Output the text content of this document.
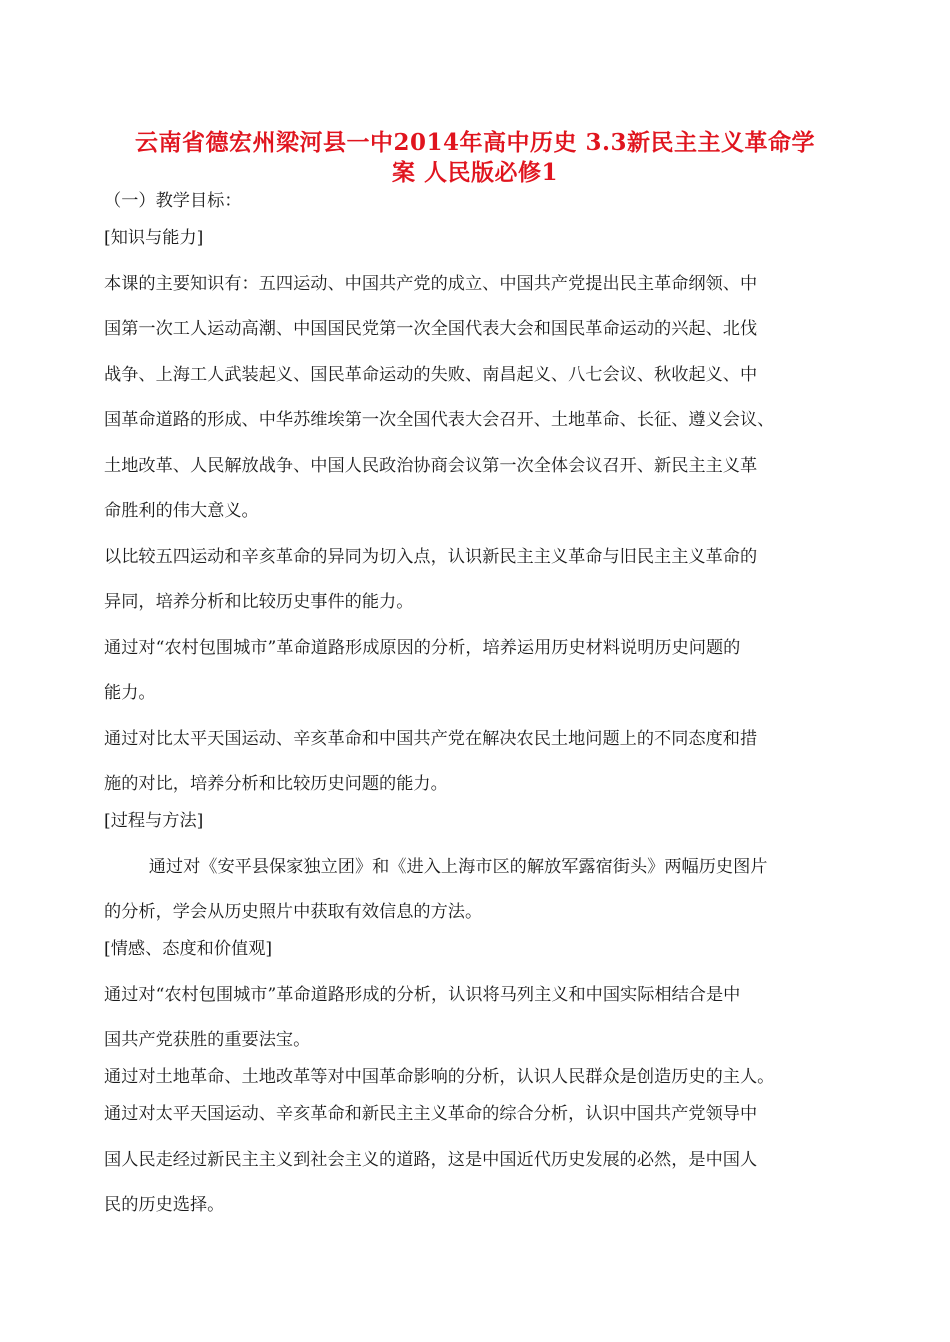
云南省德宏州梁河县一中2014年高中历史 3.3新民主主义革命学
案 人民版必修1
（一）教学目标：
[知识与能力]
本课的主要知识有：五四运动、中国共产党的成立、中国共产党提出民主革命纲领、中
国第一次工人运动高潮、中国国民党第一次全国代表大会和国民革命运动的兴起、北伐
战争、上海工人武装起义、国民革命运动的失败、南昌起义、八七会议、秋收起义、中
国革命道路的形成、中华苏维埃第一次全国代表大会召开、土地革命、长征、遵义会议、
土地改革、人民解放战争、中国人民政治协商会议第一次全体会议召开、新民主主义革
命胜利的伟大意义。
以比较五四运动和辛亥革命的异同为切入点，认识新民主主义革命与旧民主主义革命的
异同，培养分析和比较历史事件的能力。
通过对“农村包围城市”革命道路形成原因的分析，培养运用历史材料说明历史问题的
能力。
通过对比太平天国运动、辛亥革命和中国共产党在解决农民土地问题上的不同态度和措
施的对比，培养分析和比较历史问题的能力。
[过程与方法]
通过对《安平县保家独立团》和《进入上海市区的解放军露宿街头》两幅历史图片
的分析，学会从历史照片中获取有效信息的方法。
[情感、态度和价值观]
通过对“农村包围城市”革命道路形成的分析，认识将马列主义和中国实际相结合是中
国共产党获胜的重要法宝。
通过对土地革命、土地改革等对中国革命影响的分析，认识人民群众是创造历史的主人。
通过对太平天国运动、辛亥革命和新民主主义革命的综合分析，认识中国共产党领导中
国人民走经过新民主主义到社会主义的道路，这是中国近代历史发展的必然，是中国人
民的历史选择。
